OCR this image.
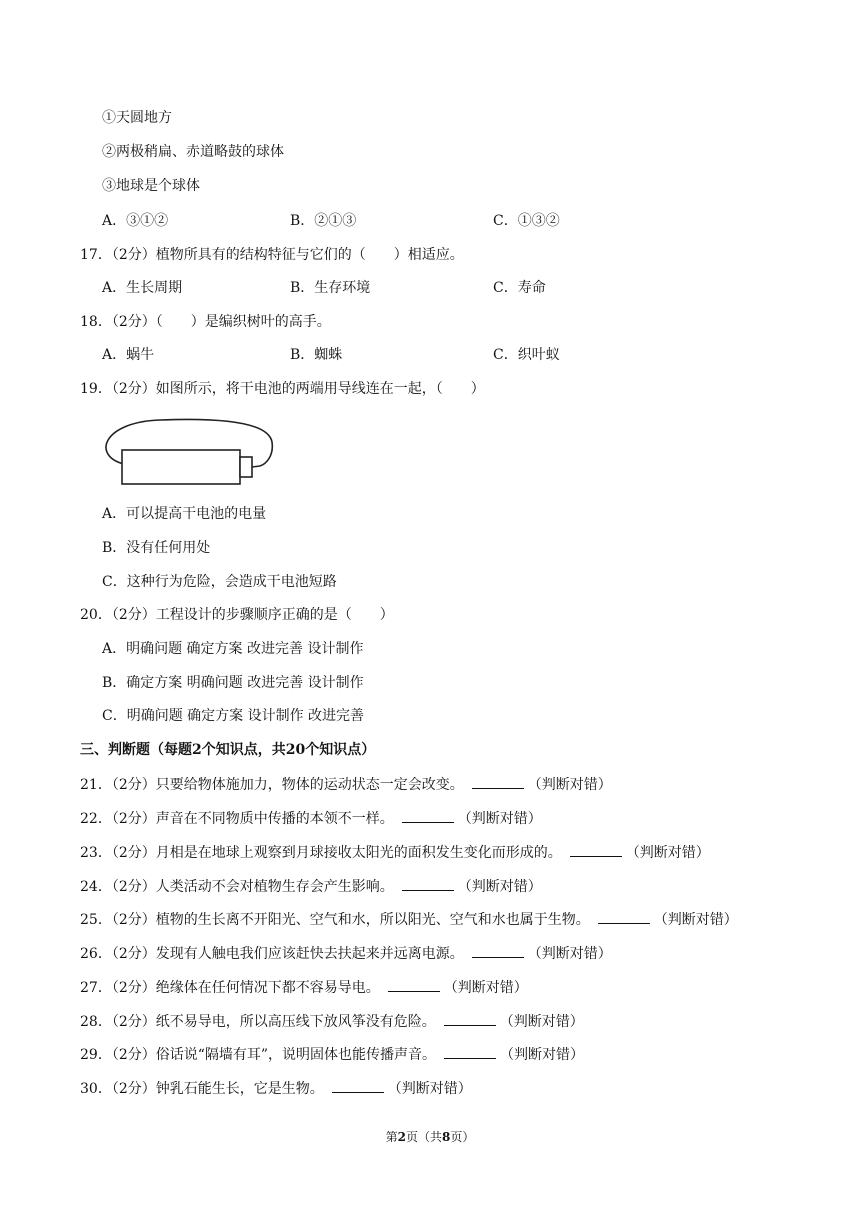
①天圆地方
②两极稍扁、赤道略鼓的球体
③地球是个球体
A．③①②	B．②①③	C．①③②
17．（2分）植物所具有的结构特征与它们的（　　）相适应。
A．生长周期	B．生存环境	C．寿命
18．（2分）（　　）是编织树叶的高手。
A．蜗牛	B．蜘蛛	C．织叶蚁
19．（2分）如图所示，将干电池的两端用导线连在一起，（　　）
A．可以提高干电池的电量
B．没有任何用处
C．这种行为危险，会造成干电池短路
20．（2分）工程设计的步骤顺序正确的是（　　）
A．明确问题 确定方案 改进完善 设计制作
B．确定方案 明确问题 改进完善 设计制作
C．明确问题 确定方案 设计制作 改进完善
三、判断题（每题2个知识点，共20个知识点）
21．（2分）只要给物体施加力，物体的运动状态一定会改变。	（判断对错）
22．（2分）声音在不同物质中传播的本领不一样。	（判断对错）
23．（2分）月相是在地球上观察到月球接收太阳光的面积发生变化而形成的。	（判断对错）
24．（2分）人类活动不会对植物生存会产生影响。	（判断对错）
25．（2分）植物的生长离不开阳光、空气和水，所以阳光、空气和水也属于生物。	（判断对错）
26．（2分）发现有人触电我们应该赶快去扶起来并远离电源。	（判断对错）
27．（2分）绝缘体在任何情况下都不容易导电。	（判断对错）
28．（2分）纸不易导电，所以高压线下放风筝没有危险。	（判断对错）
29．（2分）俗话说“隔墙有耳”，说明固体也能传播声音。	（判断对错）
30．（2分）钟乳石能生长，它是生物。	（判断对错）
第2页（共8页）
